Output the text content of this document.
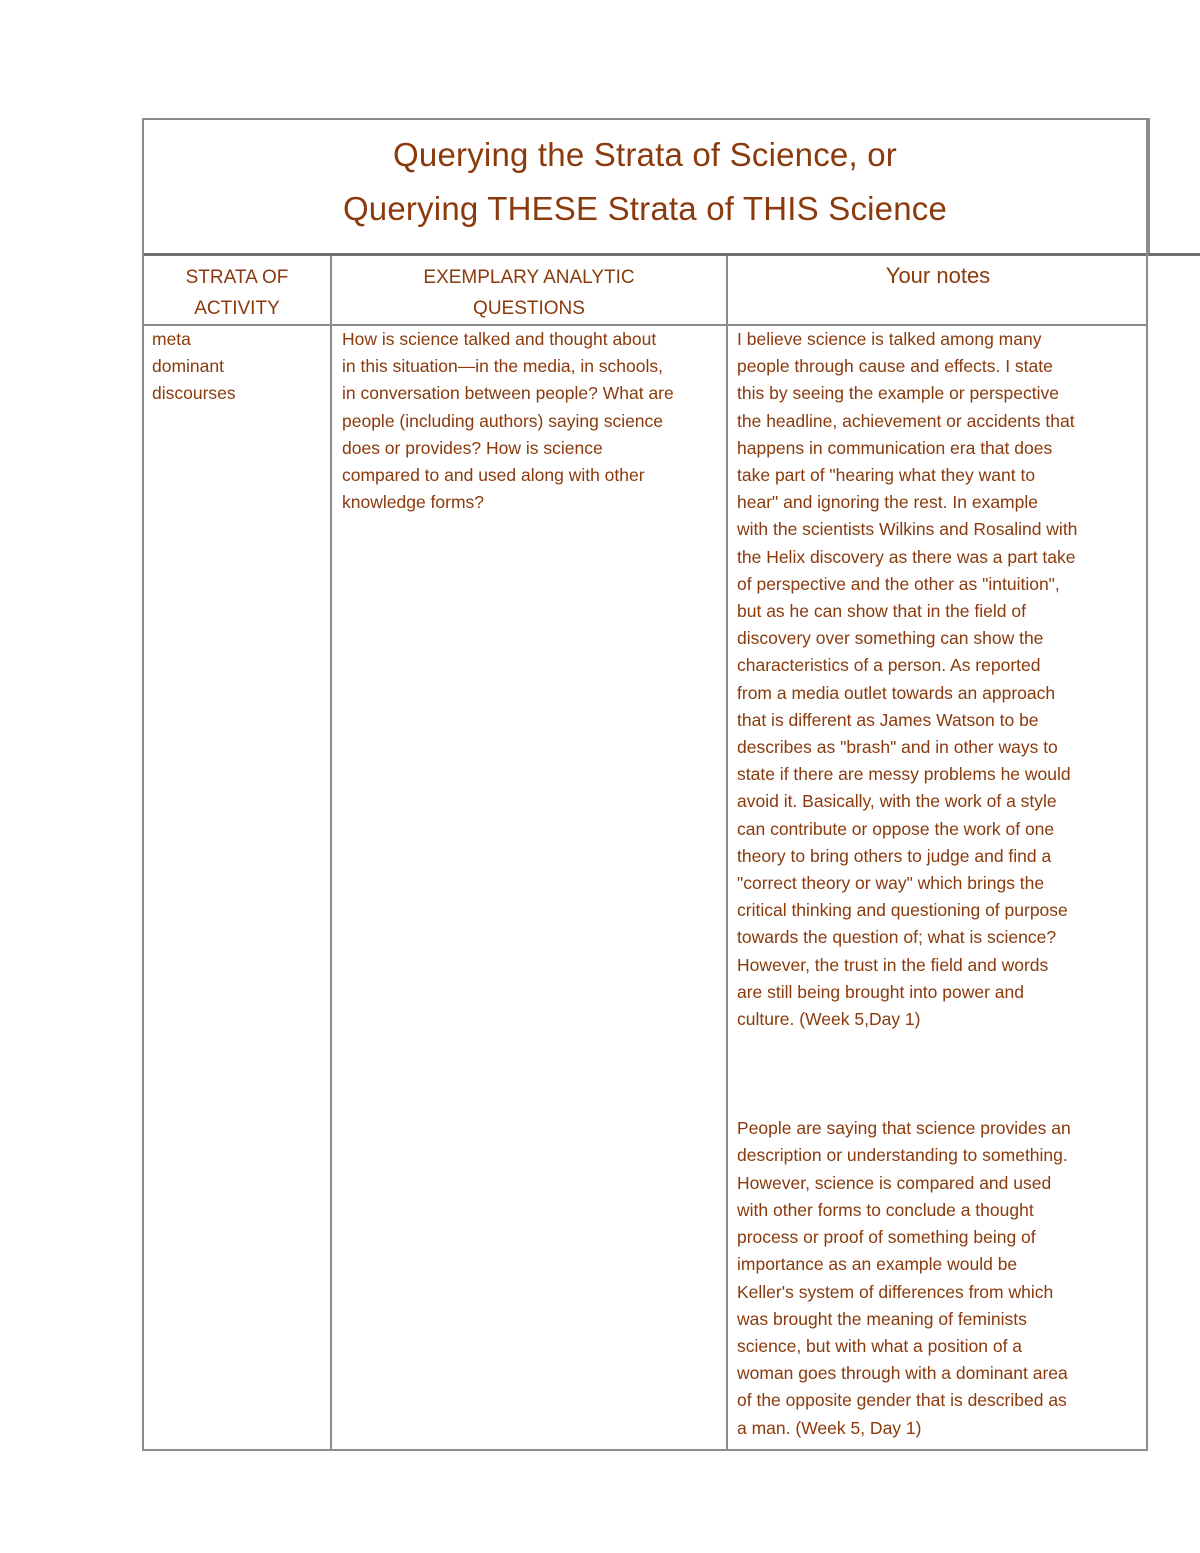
Querying the Strata of Science, or
Querying THESE Strata of THIS Science
STRATA OF
ACTIVITY
EXEMPLARY ANALYTIC
QUESTIONS
Your notes

meta

dominant

discourses

How is science talked and thought about

in this situation—in the media, in schools,

in conversation between people? What are

people (including authors) saying science

does or provides? How is science

compared to and used along with other

knowledge forms?

I believe science is talked among many

people through cause and effects. I state

this by seeing the example or perspective

the headline, achievement or accidents that

happens in communication era that does

take part of "hearing what they want to

hear" and ignoring the rest. In example

with the scientists Wilkins and Rosalind with

the Helix discovery as there was a part take

of perspective and the other as "intuition",

but as he can show that in the field of

discovery over something can show the

characteristics of a person. As reported

from a media outlet towards an approach

that is different as James Watson to be

describes as "brash" and in other ways to

state if there are messy problems he would

avoid it. Basically, with the work of a style

can contribute or oppose the work of one

theory to bring others to judge and find a

"correct theory or way" which brings the

critical thinking and questioning of purpose

towards the question of; what is science?

However, the trust in the field and words

are still being brought into power and

culture. (Week 5,Day 1)

People are saying that science provides an

description or understanding to something.

However, science is compared and used

with other forms to conclude a thought

process or proof of something being of

importance as an example would be

Keller's system of differences from which

was brought the meaning of feminists

science, but with what a position of a

woman goes through with a dominant area

of the opposite gender that is described as

a man. (Week 5, Day 1)
